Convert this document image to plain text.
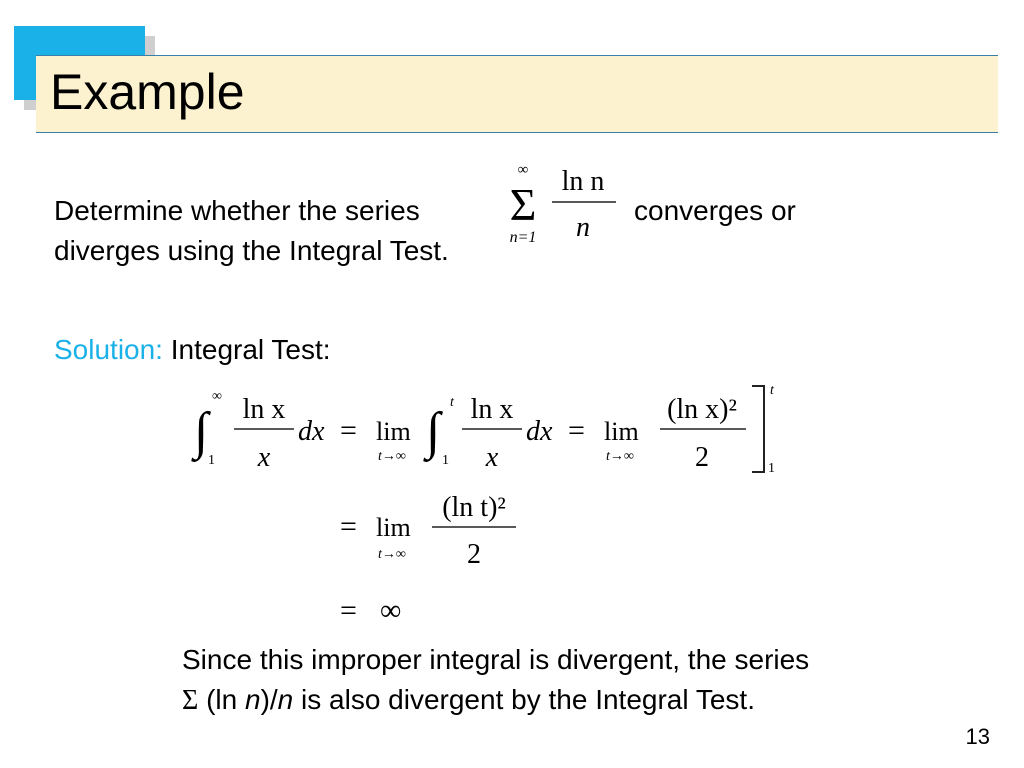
Example

Determine whether the series

∞
Σ
n=1
ln n
n

converges or

diverges using the Integral Test.

Solution: Integral Test:

∫
∞
1
ln x
x
dx = lim
t→∞ ∫
t
1
ln x
x
dx = lim
t→∞
(ln x)²
2
t
1
= lim
t→∞
(ln t)²
2
= ∞

Since this improper integral is divergent, the series

Σ (ln n)/n is also divergent by the Integral Test.

13
